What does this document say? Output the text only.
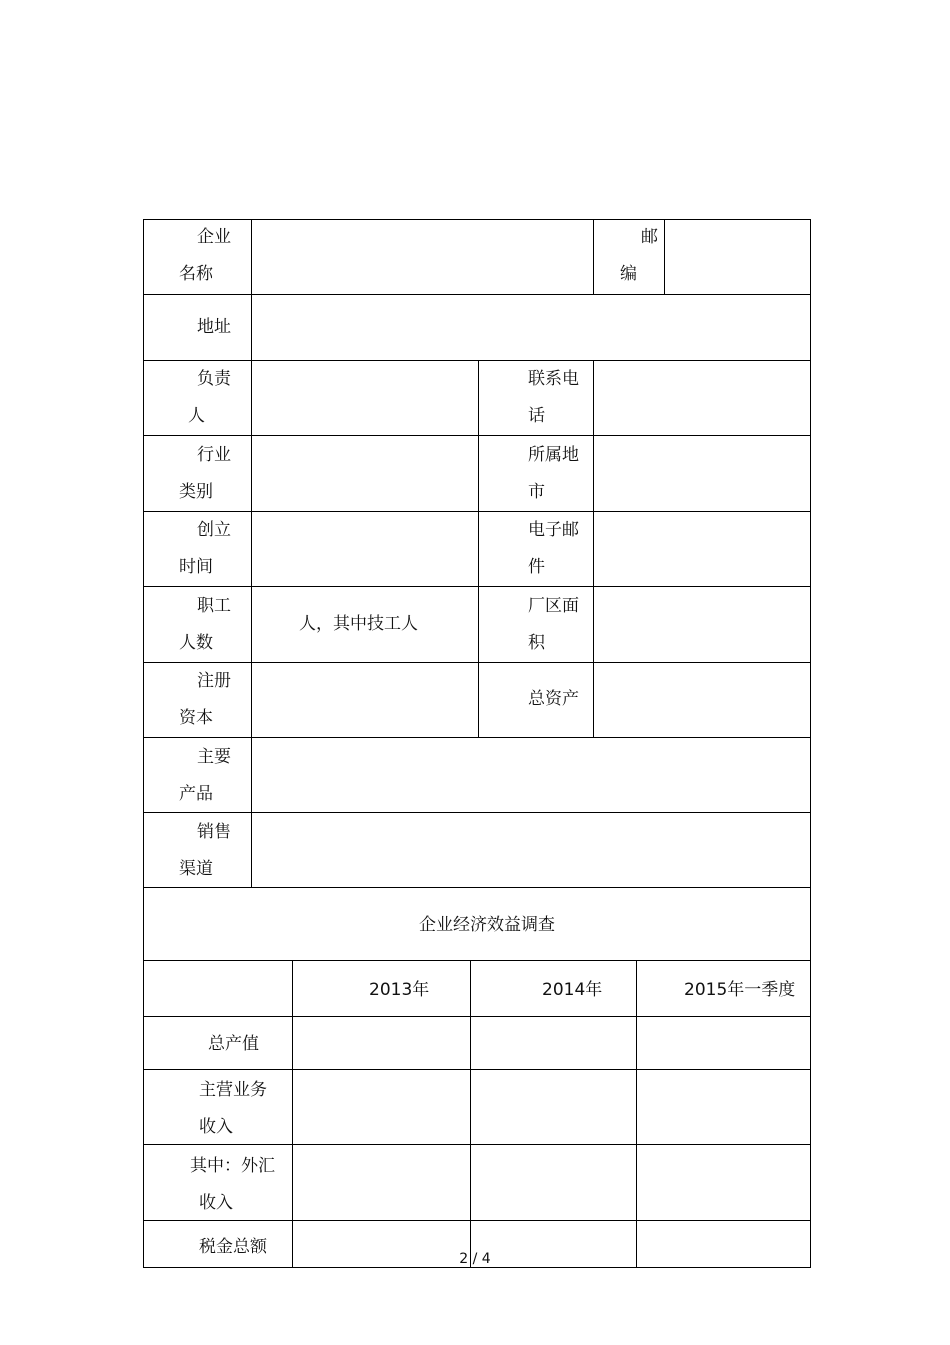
企业
名称
邮
编
地址
负责
人
联系电
话
行业
类别
所属地
市
创立
时间
电子邮
件
职工
人数
人，其中技工人
厂区面
积
注册
资本
总资产
主要
产品
销售
渠道
企业经济效益调查
2013年	2014年	2015年一季度
总产值
主营业务
收入
其中：外汇
收入
税金总额
2 / 4
